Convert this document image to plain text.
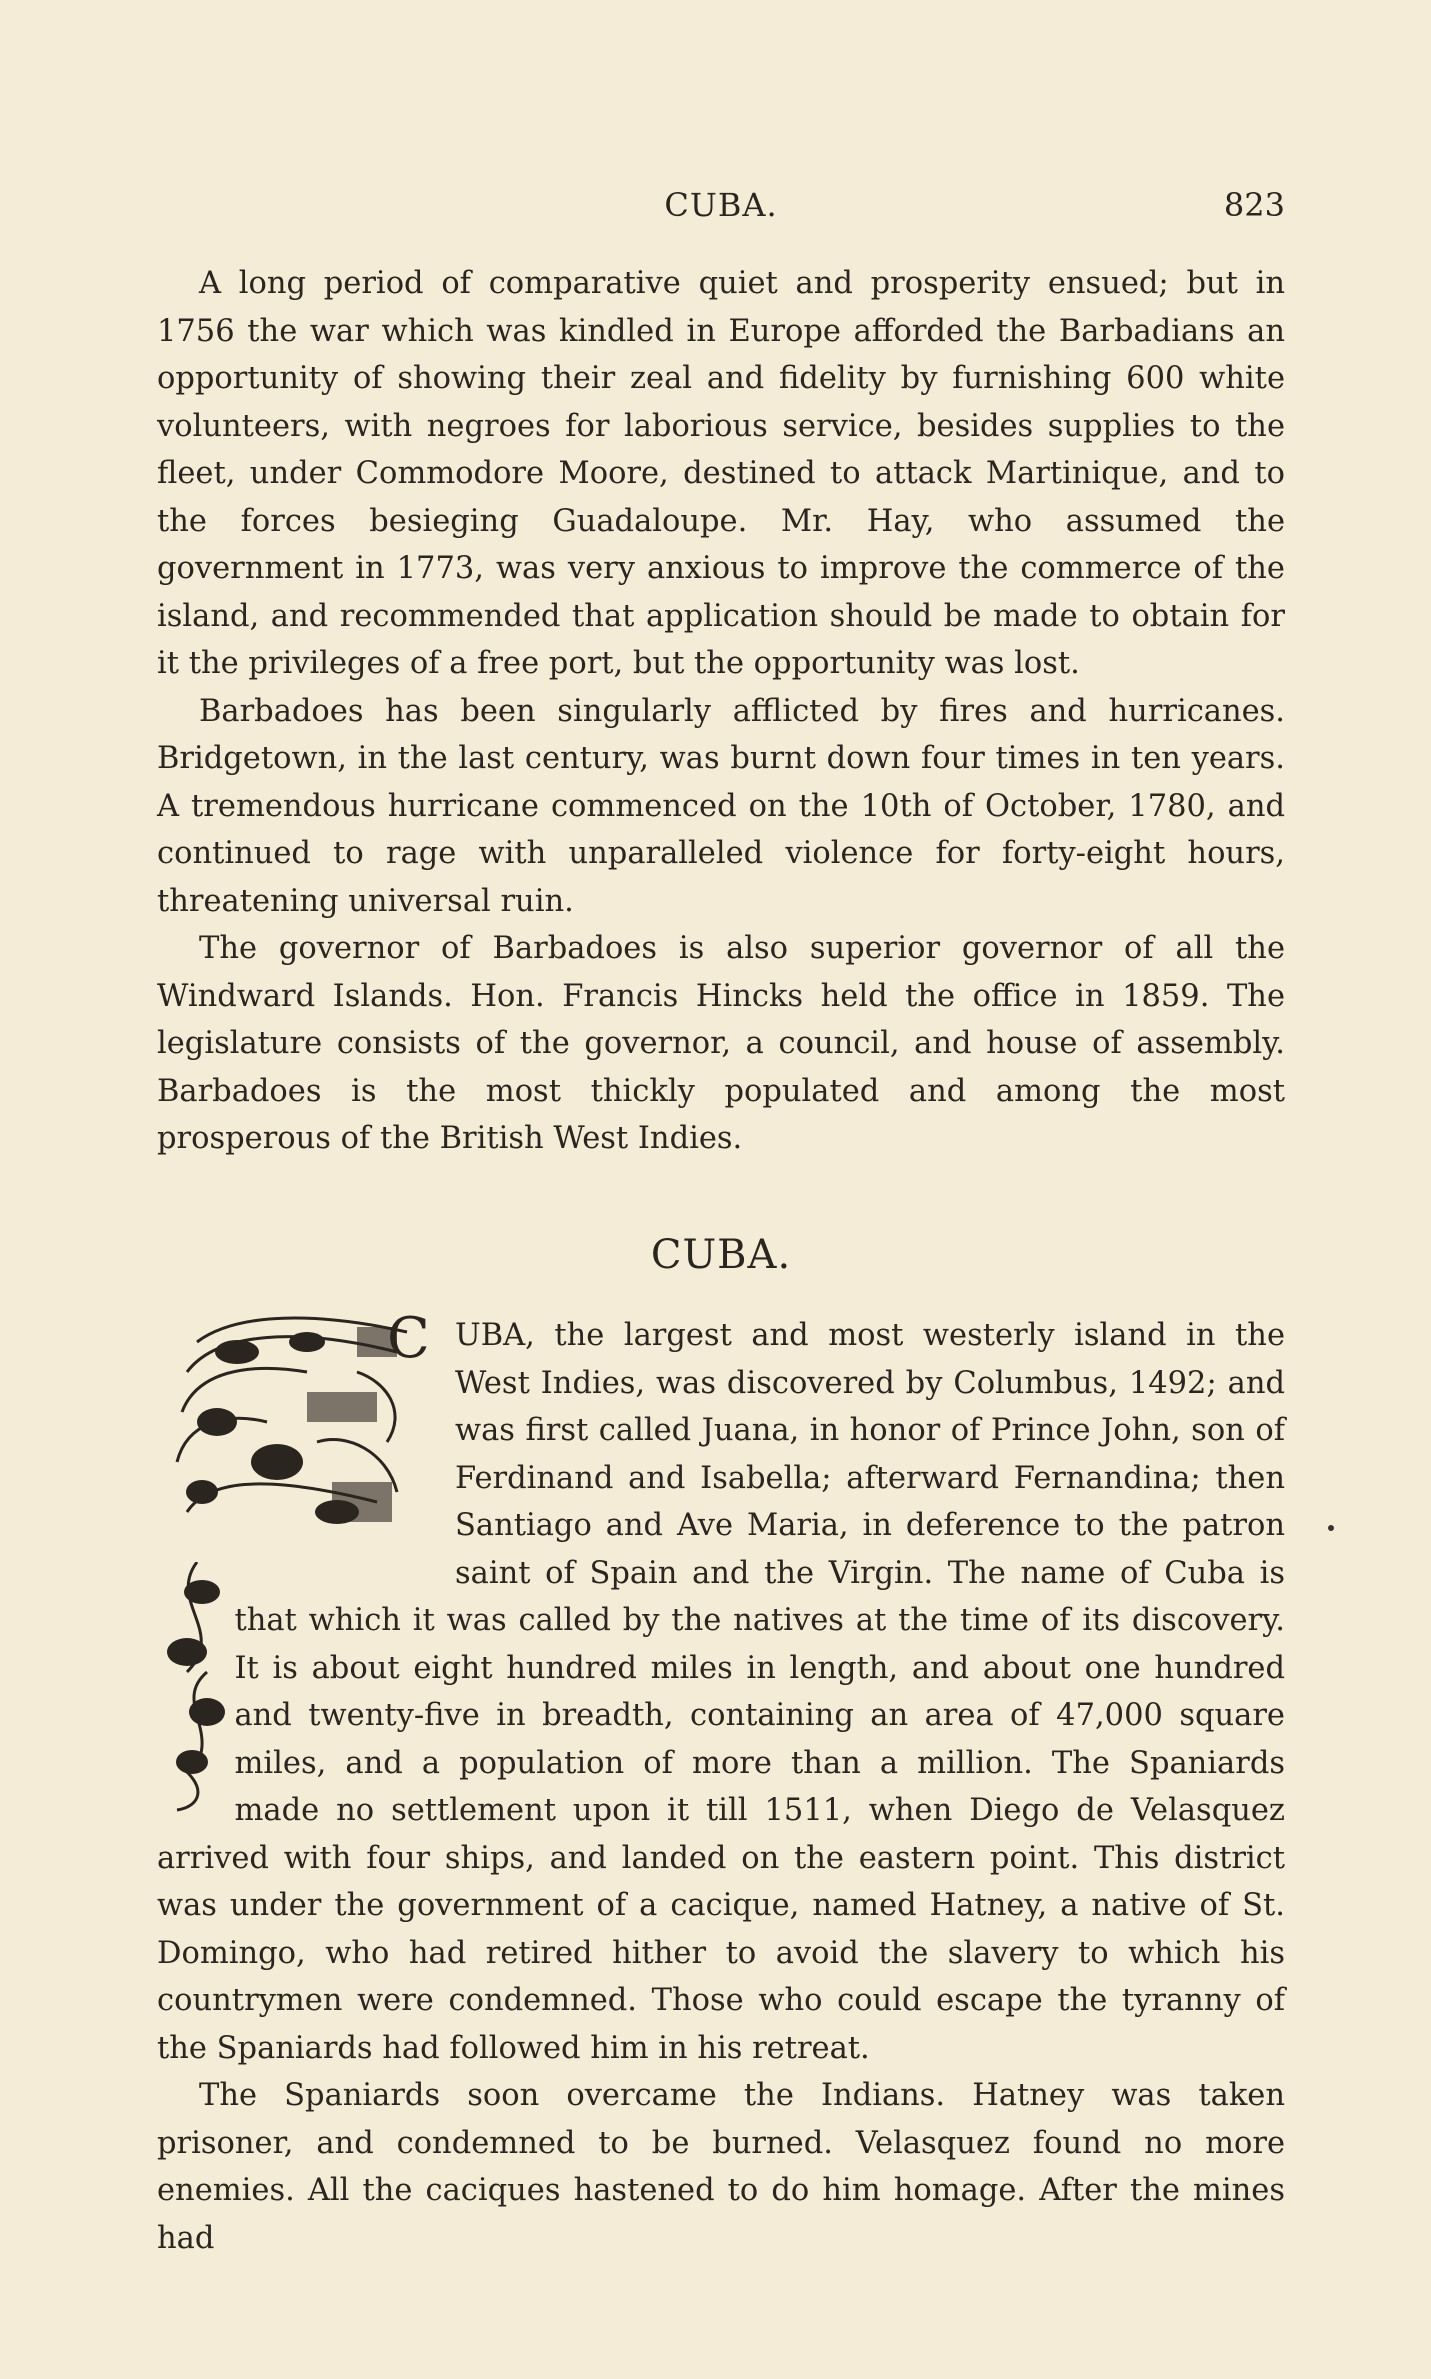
CUBA.	823

A long period of comparative quiet and prosperity ensued; but in 1756 the war which was kindled in Europe afforded the Barbadians an opportunity of showing their zeal and fidelity by furnishing 600 white volunteers, with negroes for laborious service, besides supplies to the fleet, under Commodore Moore, destined to attack Martinique, and to the forces besieging Guadaloupe. Mr. Hay, who assumed the government in 1773, was very anxious to improve the commerce of the island, and recommended that application should be made to obtain for it the privileges of a free port, but the opportunity was lost.

Barbadoes has been singularly afflicted by fires and hurricanes. Bridgetown, in the last century, was burnt down four times in ten years. A tremendous hurricane commenced on the 10th of October, 1780, and continued to rage with unparalleled violence for forty-eight hours, threatening universal ruin.

The governor of Barbadoes is also superior governor of all the Windward Islands. Hon. Francis Hincks held the office in 1859. The legislature consists of the governor, a council, and house of assembly. Barbadoes is the most thickly populated and among the most prosperous of the British West Indies.

CUBA.
C UBA, the largest and most westerly island in the West Indies, was discovered by Columbus, 1492; and was first called Juana, in honor of Prince John, son of Ferdinand and Isabella; afterward Fernandina; then Santiago and Ave Maria, in deference to the patron saint of Spain and the Virgin. The name of Cuba is that which it was called by the natives at the time of its discovery. It is about eight hundred miles in length, and about one hundred and twenty-five in breadth, containing an area of 47,000 square miles, and a population of more than a million. The Spaniards made no settlement upon it till 1511, when Diego de Velasquez arrived with four ships, and landed on the eastern point. This district was under the government of a cacique, named Hatney, a native of St. Domingo, who had retired hither to avoid the slavery to which his countrymen were condemned. Those who could escape the tyranny of the Spaniards had followed him in his retreat.

The Spaniards soon overcame the Indians. Hatney was taken prisoner, and condemned to be burned. Velasquez found no more enemies. All the caciques hastened to do him homage. After the mines had
